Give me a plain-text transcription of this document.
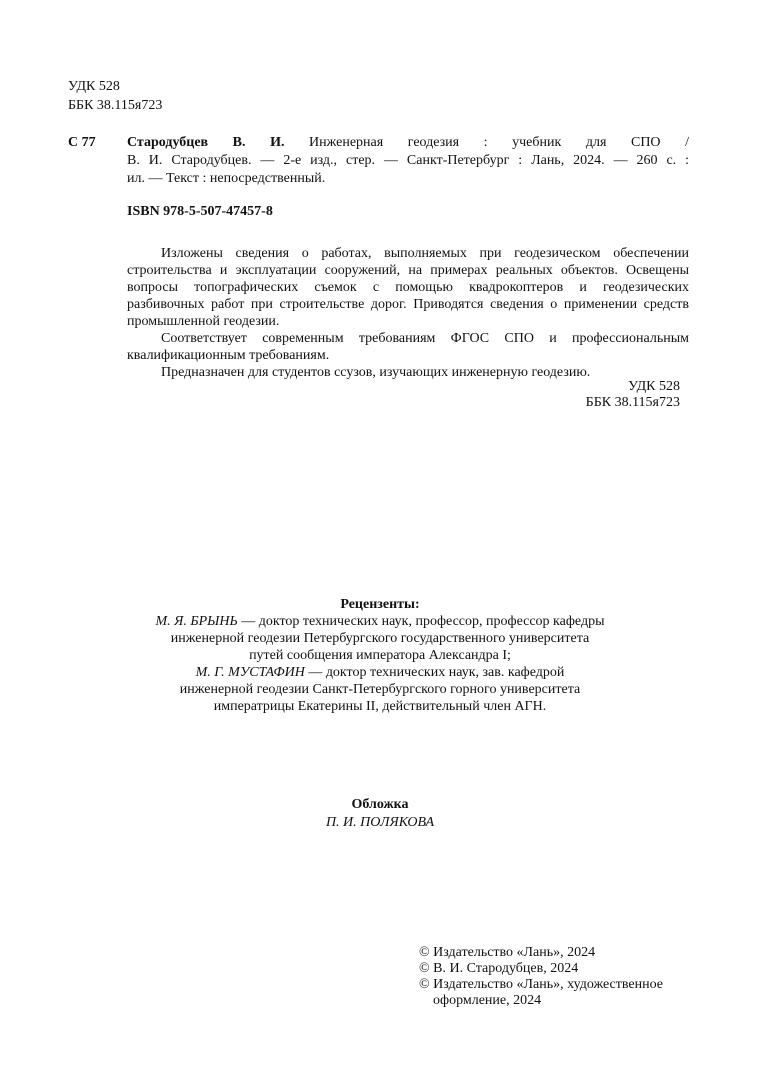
УДК 528

ББК 38.115я723

С 77 Стародубцев В. И. Инженерная геодезия : учебник для СПО /
В. И. Стародубцев. — 2-е изд., стер. — Санкт-Петербург : Лань, 2024. — 260 с. :
ил. — Текст : непосредственный.

ISBN 978-5-507-47457-8

Изложены сведения о работах, выполняемых при геодезическом обеспечении
строительства и эксплуатации сооружений, на примерах реальных объектов. Освещены
вопросы топографических съемок с помощью квадрокоптеров и геодезических
разбивочных работ при строительстве дорог. Приводятся сведения о применении средств
промышленной геодезии.
Соответствует современным требованиям ФГОС СПО и профессиональным
квалификационным требованиям.
Предназначен для студентов ссузов, изучающих инженерную геодезию.

УДК 528

ББК 38.115я723

Рецензенты:
М. Я. БРЫНЬ — доктор технических наук, профессор, профессор кафедры
инженерной геодезии Петербургского государственного университета
путей сообщения императора Александра I;
М. Г. МУСТАФИН — доктор технических наук, зав. кафедрой
инженерной геодезии Санкт-Петербургского горного университета
императрицы Екатерины II, действительный член АГН.
Обложка
П. И. ПОЛЯКОВА
© Издательство «Лань», 2024
© В. И. Стародубцев, 2024
© Издательство «Лань», художественное
оформление, 2024
